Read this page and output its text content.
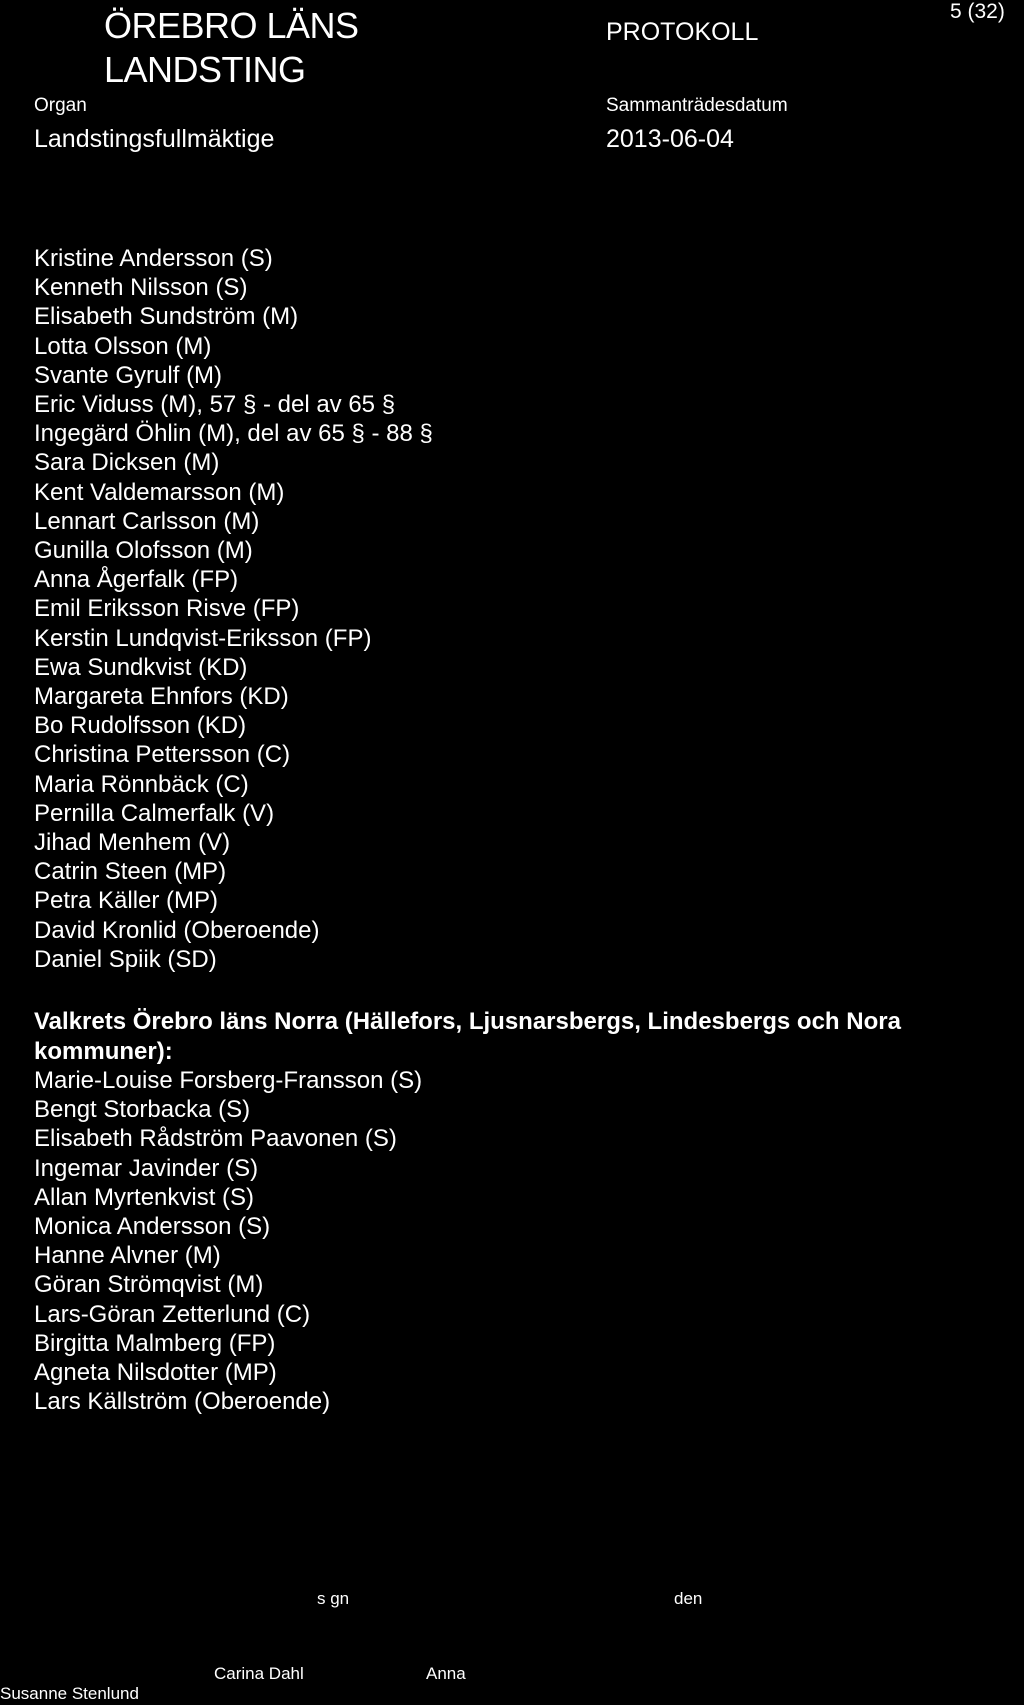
ÖREBRO LÄNS
LANDSTING
PROTOKOLL
5 (32)
Organ
Landstingsfullmäktige
Sammanträdesdatum
2013-06-04
Kristine Andersson (S)
Kenneth Nilsson (S)
Elisabeth Sundström (M)
Lotta Olsson (M)
Svante Gyrulf (M)
Eric Viduss (M), 57 § - del av 65 §
Ingegärd Öhlin (M), del av 65 § - 88 §
Sara Dicksen (M)
Kent Valdemarsson (M)
Lennart Carlsson (M)
Gunilla Olofsson (M)
Anna Ågerfalk (FP)
Emil Eriksson Risve (FP)
Kerstin Lundqvist-Eriksson (FP)
Ewa Sundkvist (KD)
Margareta Ehnfors (KD)
Bo Rudolfsson (KD)
Christina Pettersson (C)
Maria Rönnbäck (C)
Pernilla Calmerfalk (V)
Jihad Menhem (V)
Catrin Steen (MP)
Petra Käller (MP)
David Kronlid (Oberoende)
Daniel Spiik (SD)
Valkrets Örebro läns Norra (Hällefors, Ljusnarsbergs, Lindesbergs och Nora kommuner):
Marie-Louise Forsberg-Fransson (S)
Bengt Storbacka (S)
Elisabeth Rådström Paavonen (S)
Ingemar Javinder (S)
Allan Myrtenkvist (S)
Monica Andersson (S)
Hanne Alvner (M)
Göran Strömqvist (M)
Lars-Göran Zetterlund (C)
Birgitta Malmberg (FP)
Agneta Nilsdotter (MP)
Lars Källström (Oberoende)
s gn	den
Carina Dahl	Anna
Susanne Stenlund
